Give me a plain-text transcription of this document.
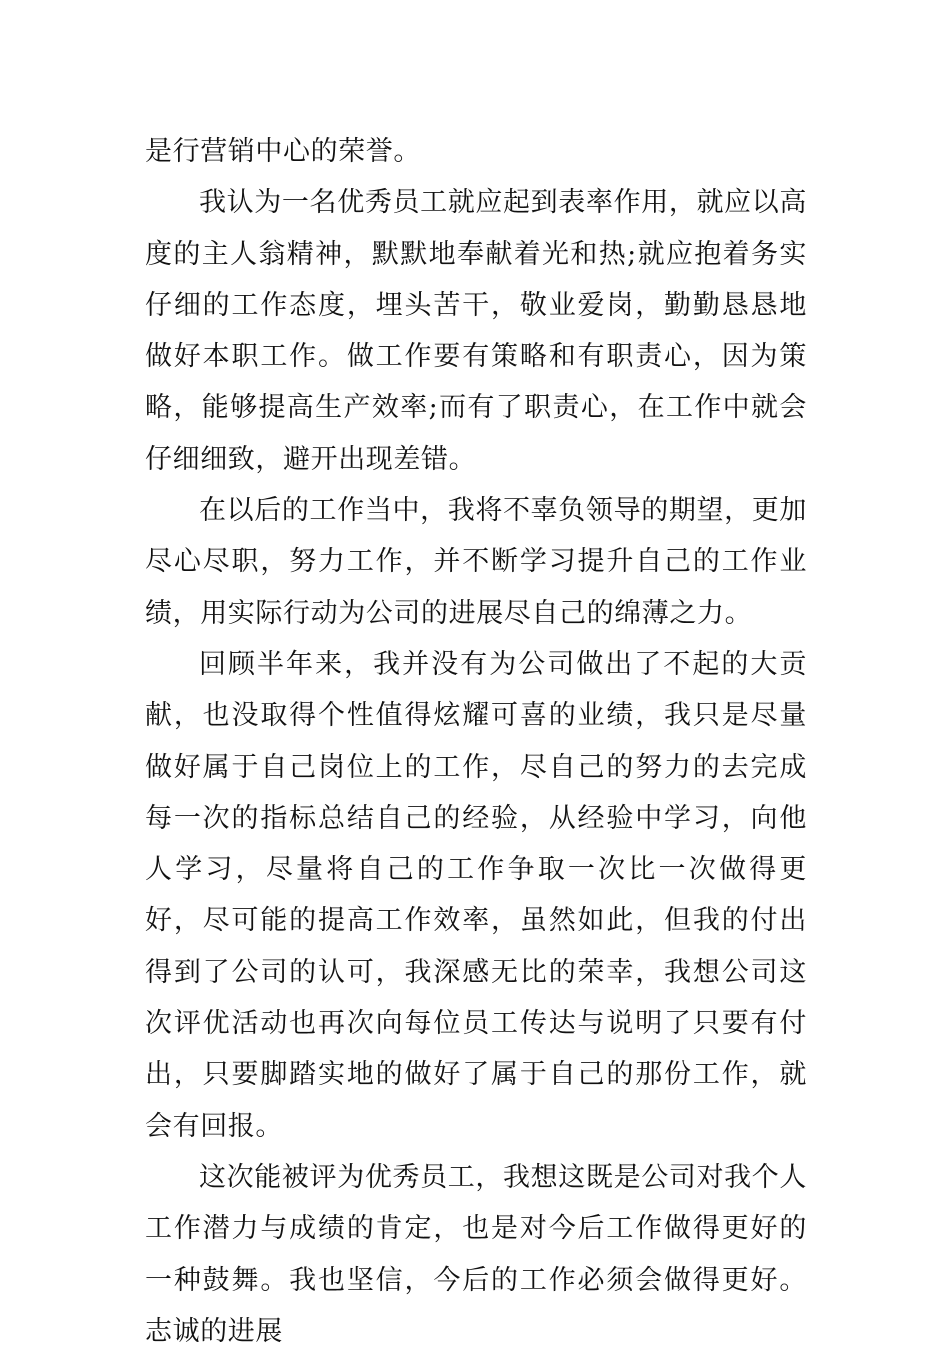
是行营销中心的荣誉。

我认为一名优秀员工就应起到表率作用，就应以高度的主人翁精神，默默地奉献着光和热;就应抱着务实仔细的工作态度，埋头苦干，敬业爱岗，勤勤恳恳地做好本职工作。做工作要有策略和有职责心，因为策略，能够提高生产效率;而有了职责心，在工作中就会仔细细致，避开出现差错。

在以后的工作当中，我将不辜负领导的期望，更加尽心尽职，努力工作，并不断学习提升自己的工作业绩，用实际行动为公司的进展尽自己的绵薄之力。

回顾半年来，我并没有为公司做出了不起的大贡献，也没取得个性值得炫耀可喜的业绩，我只是尽量做好属于自己岗位上的工作，尽自己的努力的去完成每一次的指标总结自己的经验，从经验中学习，向他人学习，尽量将自己的工作争取一次比一次做得更好，尽可能的提高工作效率，虽然如此，但我的付出得到了公司的认可，我深感无比的荣幸，我想公司这次评优活动也再次向每位员工传达与说明了只要有付出，只要脚踏实地的做好了属于自己的那份工作，就会有回报。

这次能被评为优秀员工，我想这既是公司对我个人工作潜力与成绩的肯定，也是对今后工作做得更好的一种鼓舞。我也坚信，今后的工作必须会做得更好。志诚的进展
